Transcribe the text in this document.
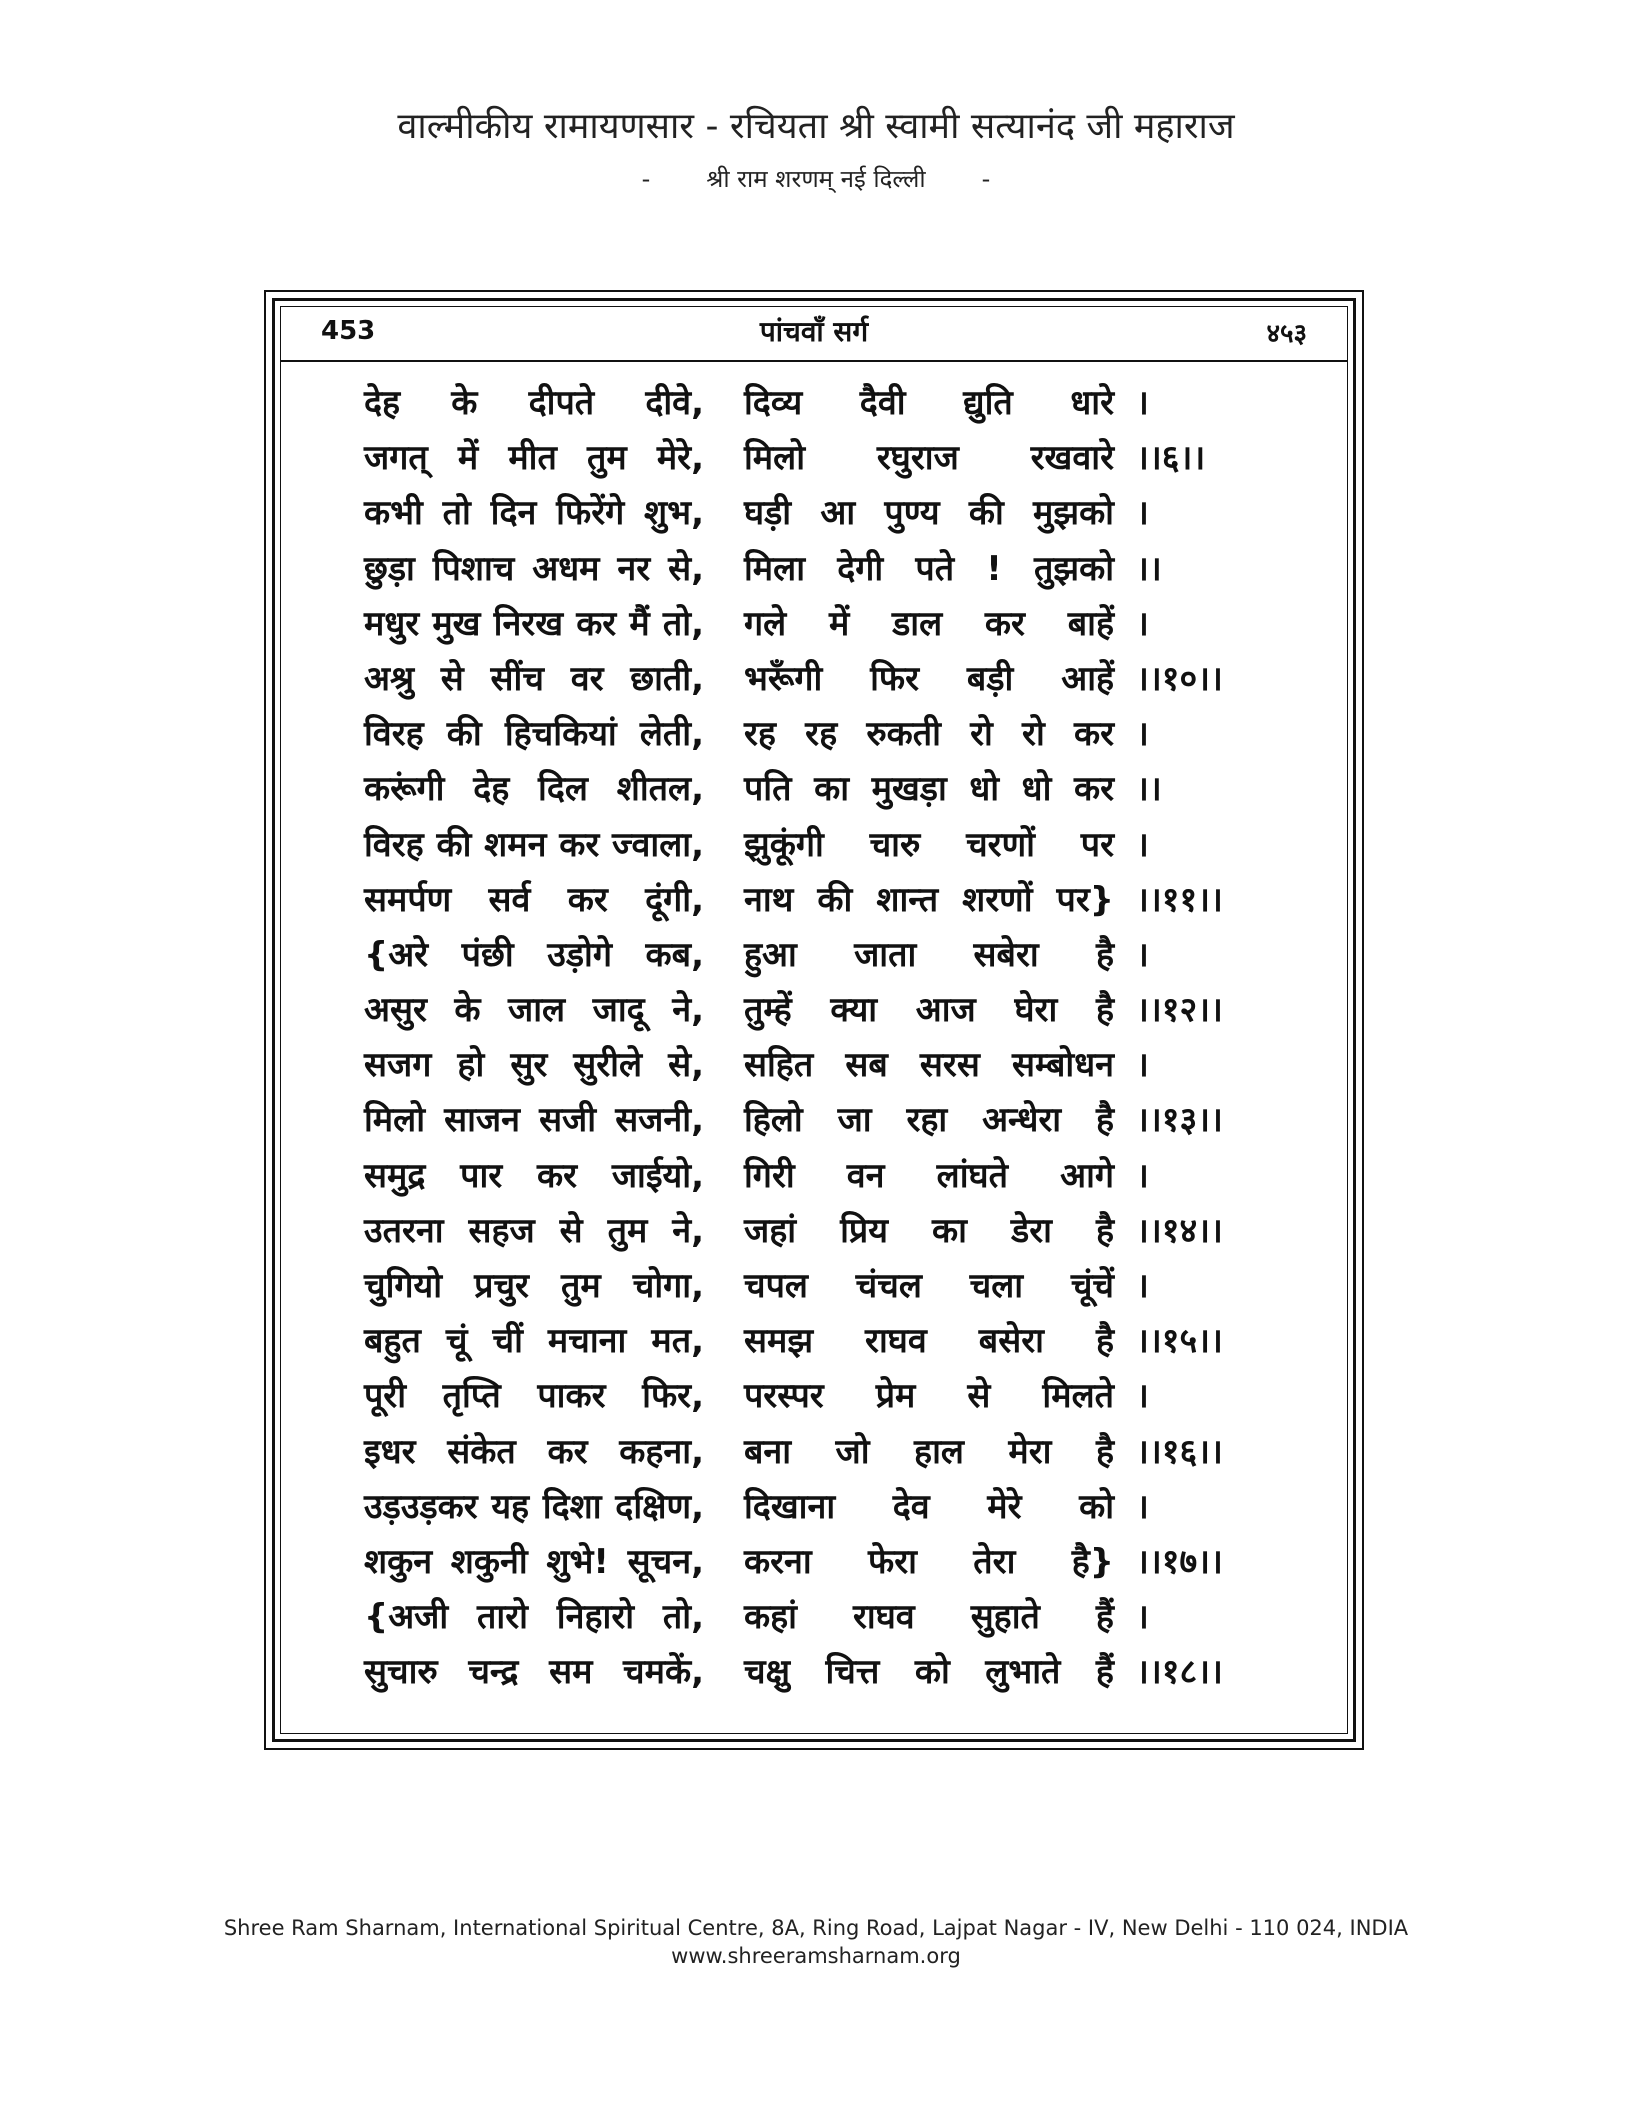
वाल्मीकीय रामायणसार - रचियता श्री स्वामी सत्यानंद जी महाराज
- श्री राम शरणम् नई दिल्ली -
453	पांचवाँ सर्ग	४५३
देह के दीपते दीवे, दिव्य दैवी द्युति धारे ।
जगत् में मीत तुम मेरे, मिलो रघुराज रखवारे ।।६।।
कभी तो दिन फिरेंगे शुभ, घड़ी आ पुण्य की मुझको ।
छुड़ा पिशाच अधम नर से, मिला देगी पते ! तुझको ।।
मधुर मुख निरख कर मैं तो, गले में डाल कर बाहें ।
अश्रु से सींच वर छाती, भरूँगी फिर बड़ी आहें ।।१०।।
विरह की हिचकियां लेती, रह रह रुकती रो रो कर ।
करूंगी देह दिल शीतल, पति का मुखड़ा धो धो कर ।।
विरह की शमन कर ज्वाला, झुकूंगी चारु चरणों पर ।
समर्पण सर्व कर दूंगी, नाथ की शान्त शरणों पर} ।।११।।
{अरे पंछी उड़ोगे कब, हुआ जाता सबेरा है ।
असुर के जाल जादू ने, तुम्हें क्या आज घेरा है ।।१२।।
सजग हो सुर सुरीले से, सहित सब सरस सम्बोधन ।
मिलो साजन सजी सजनी, हिलो जा रहा अन्धेरा है ।।१३।।
समुद्र पार कर जाईयो, गिरी वन लांघते आगे ।
उतरना सहज से तुम ने, जहां प्रिय का डेरा है ।।१४।।
चुगियो प्रचुर तुम चोगा, चपल चंचल चला चूंचें ।
बहुत चूं चीं मचाना मत, समझ राघव बसेरा है ।।१५।।
पूरी तृप्ति पाकर फिर, परस्पर प्रेम से मिलते ।
इधर संकेत कर कहना, बना जो हाल मेरा है ।।१६।।
उड़उड़कर यह दिशा दक्षिण, दिखाना देव मेरे को ।
शकुन शकुनी शुभे! सूचन, करना फेरा तेरा है} ।।१७।।
{अजी तारो निहारो तो, कहां राघव सुहाते हैं ।
सुचारु चन्द्र सम चमकें, चक्षु चित्त को लुभाते हैं ।।१८।।
Shree Ram Sharnam, International Spiritual Centre, 8A, Ring Road, Lajpat Nagar - IV, New Delhi - 110 024, INDIA
www.shreeramsharnam.org
